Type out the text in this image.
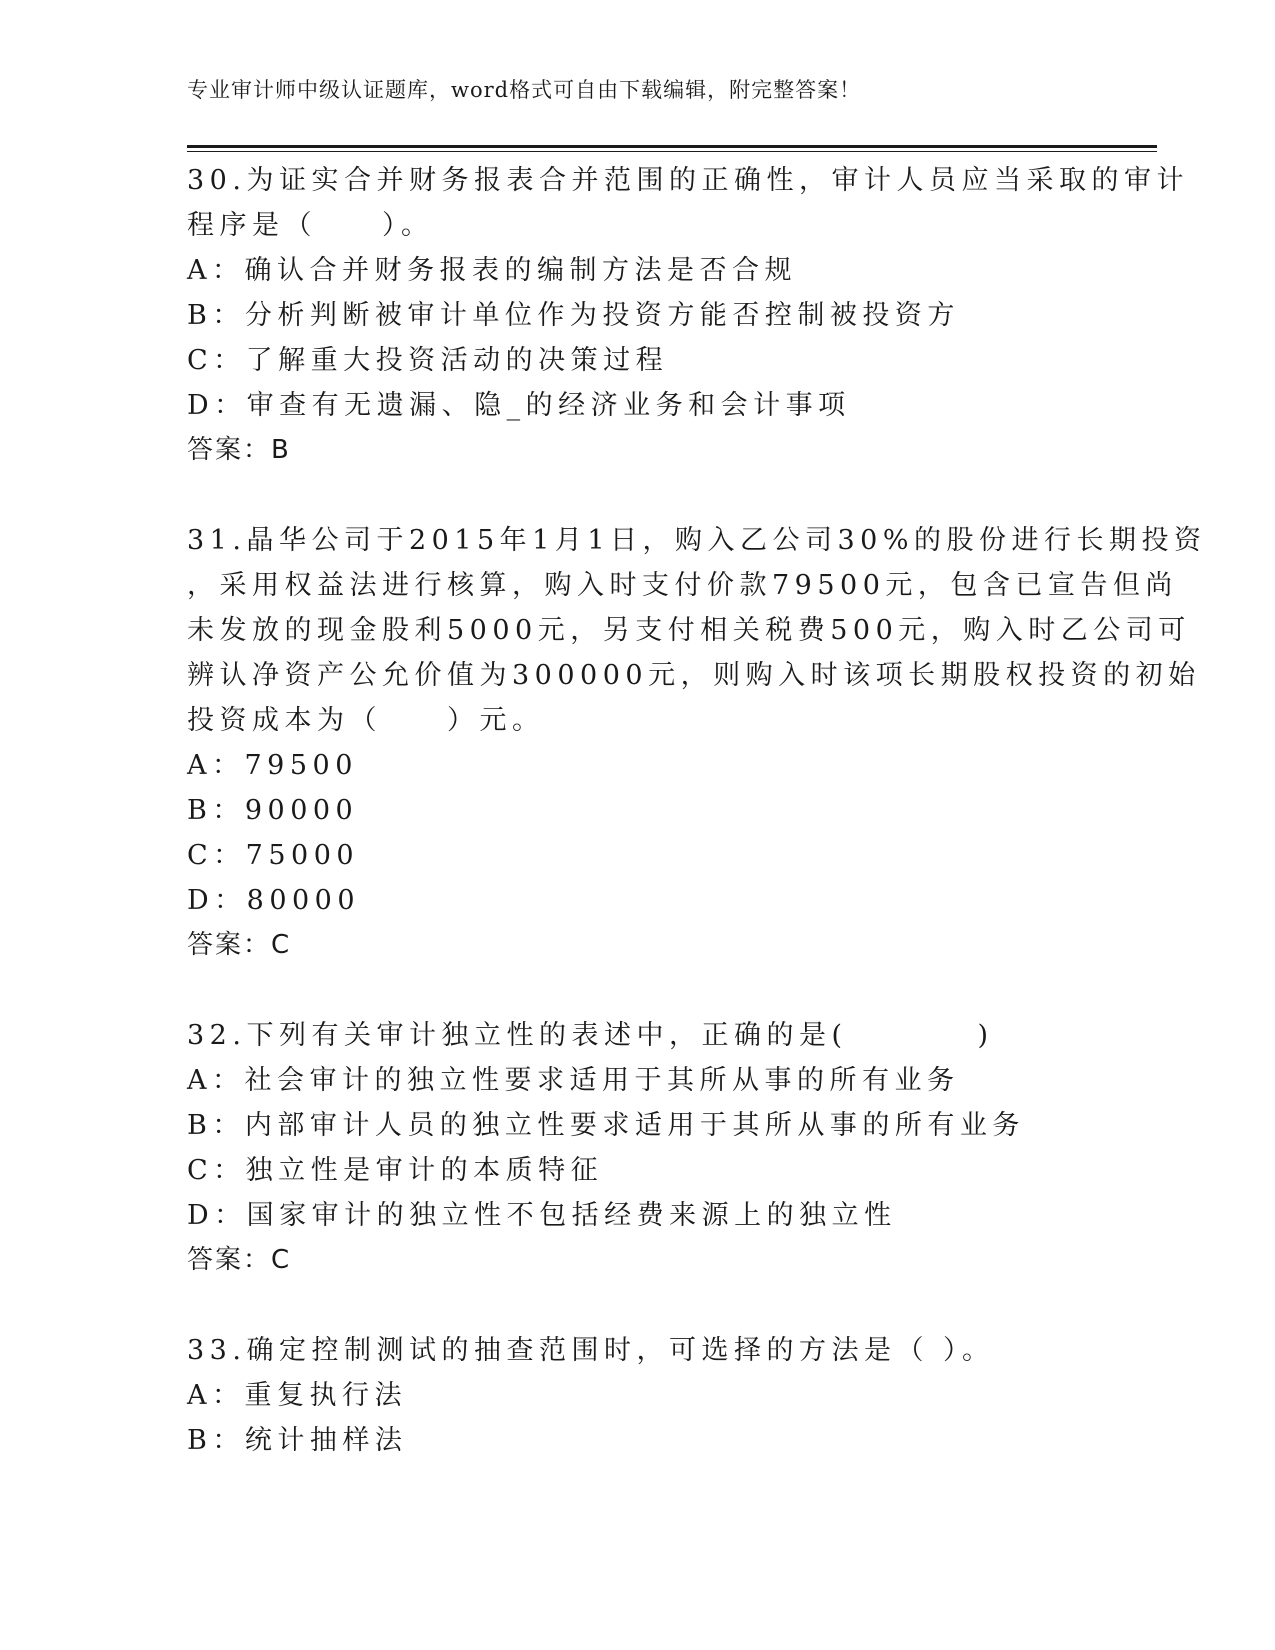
专业审计师中级认证题库，word格式可自由下载编辑，附完整答案！
30.为证实合并财务报表合并范围的正确性，审计人员应当采取的审计
程序是（　　）。
A：确认合并财务报表的编制方法是否合规
B：分析判断被审计单位作为投资方能否控制被投资方
C：了解重大投资活动的决策过程
D：审查有无遗漏、隐_的经济业务和会计事项
答案：B
31.晶华公司于2015年1月1日，购入乙公司30%的股份进行长期投资
，采用权益法进行核算，购入时支付价款79500元，包含已宣告但尚
未发放的现金股利5000元，另支付相关税费500元，购入时乙公司可
辨认净资产公允价值为300000元，则购入时该项长期股权投资的初始
投资成本为（　　）元。
A：79500
B：90000
C：75000
D：80000
答案：C
32.下列有关审计独立性的表述中，正确的是(　　　　)
A：社会审计的独立性要求适用于其所从事的所有业务
B：内部审计人员的独立性要求适用于其所从事的所有业务
C：独立性是审计的本质特征
D：国家审计的独立性不包括经费来源上的独立性
答案：C
33.确定控制测试的抽查范围时，可选择的方法是（ ）。
A：重复执行法
B：统计抽样法
